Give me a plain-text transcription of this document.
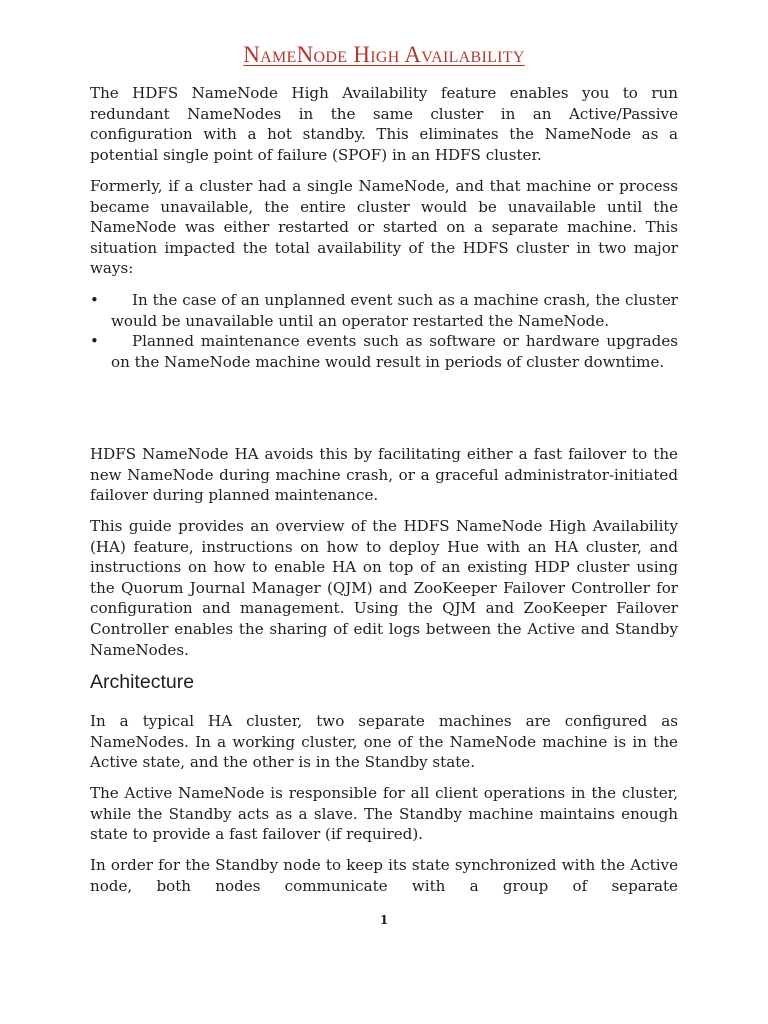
NameNode High Availability

The HDFS NameNode High Availability feature enables you to run redundant NameNodes in the same cluster in an Active/Passive configuration with a hot standby. This eliminates the NameNode as a potential single point of failure (SPOF) in an HDFS cluster.

Formerly, if a cluster had a single NameNode, and that machine or process became unavailable, the entire cluster would be unavailable until the NameNode was either restarted or started on a separate machine. This situation impacted the total availability of the HDFS cluster in two major ways:

• In the case of an unplanned event such as a machine crash, the cluster would be unavailable until an operator restarted the NameNode.
• Planned maintenance events such as software or hardware upgrades on the NameNode machine would result in periods of cluster downtime.

HDFS NameNode HA avoids this by facilitating either a fast failover to the new NameNode during machine crash, or a graceful administrator-initiated failover during planned maintenance.

This guide provides an overview of the HDFS NameNode High Availability (HA) feature, instructions on how to deploy Hue with an HA cluster, and instructions on how to enable HA on top of an existing HDP cluster using the Quorum Journal Manager (QJM) and ZooKeeper Failover Controller for configuration and management. Using the QJM and ZooKeeper Failover Controller enables the sharing of edit logs between the Active and Standby NameNodes.

Architecture

In a typical HA cluster, two separate machines are configured as NameNodes. In a working cluster, one of the NameNode machine is in the Active state, and the other is in the Standby state.

The Active NameNode is responsible for all client operations in the cluster, while the Standby acts as a slave. The Standby machine maintains enough state to provide a fast failover (if required).

In order for the Standby node to keep its state synchronized with the Active node, both nodes communicate with a group of separate

1
